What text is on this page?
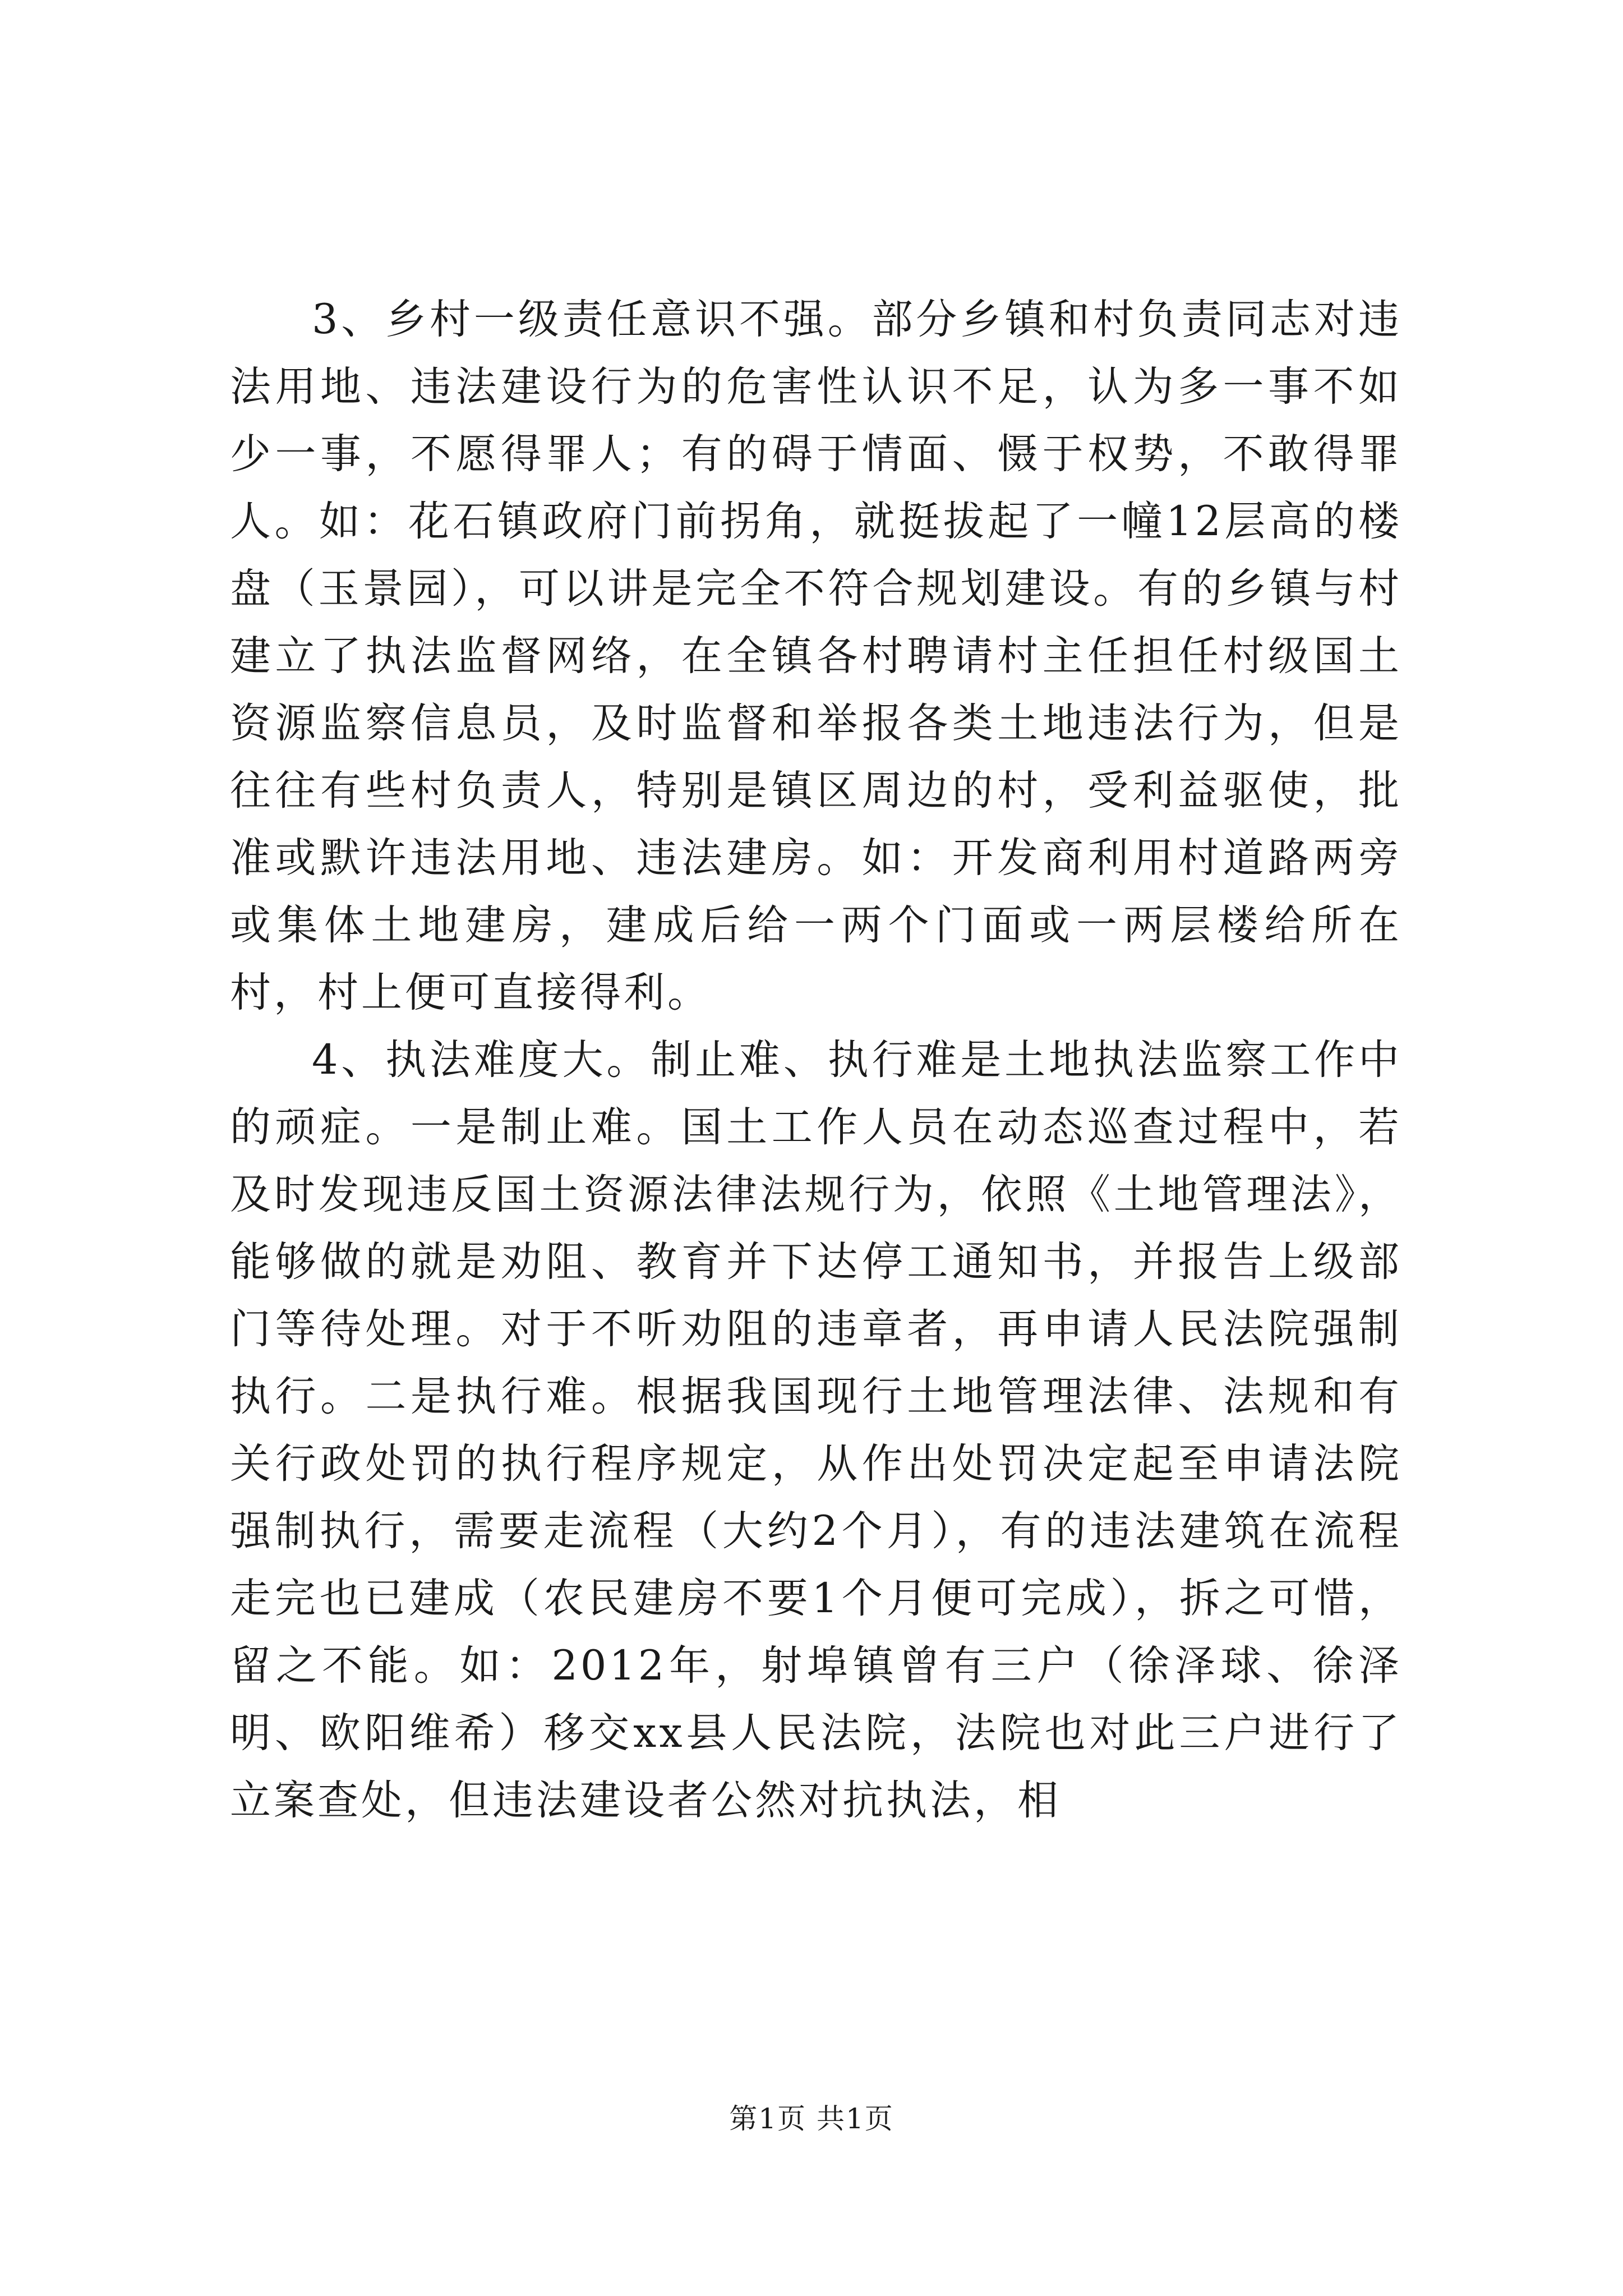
3、乡村一级责任意识不强。部分乡镇和村负责同志对违法用地、违法建设行为的危害性认识不足，认为多一事不如少一事，不愿得罪人；有的碍于情面、慑于权势，不敢得罪人。如：花石镇政府门前拐角，就挺拔起了一幢12层高的楼盘（玉景园），可以讲是完全不符合规划建设。有的乡镇与村建立了执法监督网络，在全镇各村聘请村主任担任村级国土资源监察信息员，及时监督和举报各类土地违法行为，但是往往有些村负责人，特别是镇区周边的村，受利益驱使，批准或默许违法用地、违法建房。如：开发商利用村道路两旁或集体土地建房，建成后给一两个门面或一两层楼给所在村，村上便可直接得利。

4、执法难度大。制止难、执行难是土地执法监察工作中的顽症。一是制止难。国土工作人员在动态巡查过程中，若及时发现违反国土资源法律法规行为，依照《土地管理法》，能够做的就是劝阻、教育并下达停工通知书，并报告上级部门等待处理。对于不听劝阻的违章者，再申请人民法院强制执行。二是执行难。根据我国现行土地管理法律、法规和有关行政处罚的执行程序规定，从作出处罚决定起至申请法院强制执行，需要走流程（大约2个月），有的违法建筑在流程走完也已建成（农民建房不要1个月便可完成），拆之可惜，留之不能。如：2012年，射埠镇曾有三户（徐泽球、徐泽明、欧阳维希）移交xx县人民法院，法院也对此三户进行了立案查处，但违法建设者公然对抗执法，相

第1页 共1页
